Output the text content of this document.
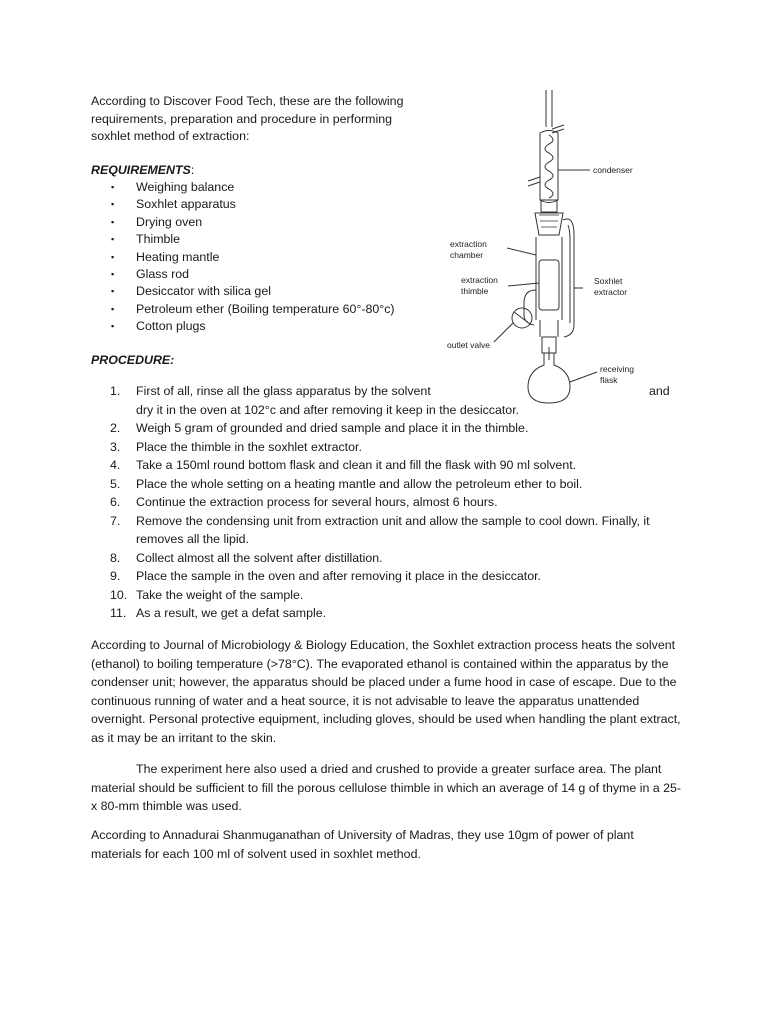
According to Discover Food Tech, these are the following
requirements, preparation and procedure in performing
soxhlet method of extraction:
REQUIREMENTS:
▪ Weighing balance
▪ Soxhlet apparatus
▪ Drying oven
▪ Thimble
▪ Heating mantle
▪ Glass rod
▪ Desiccator with silica gel
▪ Petroleum ether (Boiling temperature 60°-80°c)
▪ Cotton plugs
PROCEDURE:
1. First of all, rinse all the glass apparatus by the solvent
dry it in the oven at 102°c and after removing it keep in the desiccator.
2. Weigh 5 gram of grounded and dried sample and place it in the thimble.
3. Place the thimble in the soxhlet extractor.
4. Take a 150ml round bottom flask and clean it and fill the flask with 90 ml solvent.
5. Place the whole setting on a heating mantle and allow the petroleum ether to boil.
6. Continue the extraction process for several hours, almost 6 hours.
7. Remove the condensing unit from extraction unit and allow the sample to cool down. Finally, it
removes all the lipid.
8. Collect almost all the solvent after distillation.
9. Place the sample in the oven and after removing it place in the desiccator.
10. Take the weight of the sample.
11. As a result, we get a defat sample.
and

According to Journal of Microbiology & Biology Education, the Soxhlet extraction process heats the solvent (ethanol) to boiling temperature (>78°C). The evaporated ethanol is contained within the apparatus by the condenser unit; however, the apparatus should be placed under a fume hood in case of escape. Due to the continuous running of water and a heat source, it is not advisable to leave the apparatus unattended overnight. Personal protective equipment, including gloves, should be used when handling the plant extract, as it may be an irritant to the skin.

The experiment here also used a dried and crushed to provide a greater surface area. The plant material should be sufficient to fill the porous cellulose thimble in which an average of 14 g of thyme in a 25- x 80-mm thimble was used.

According to Annadurai Shanmuganathan of University of Madras, they use 10gm of power of plant materials for each 100 ml of solvent used in soxhlet method.

condenser
extraction
chamber
extraction
thimble
Soxhlet
extractor
outlet valve
receiving
flask
